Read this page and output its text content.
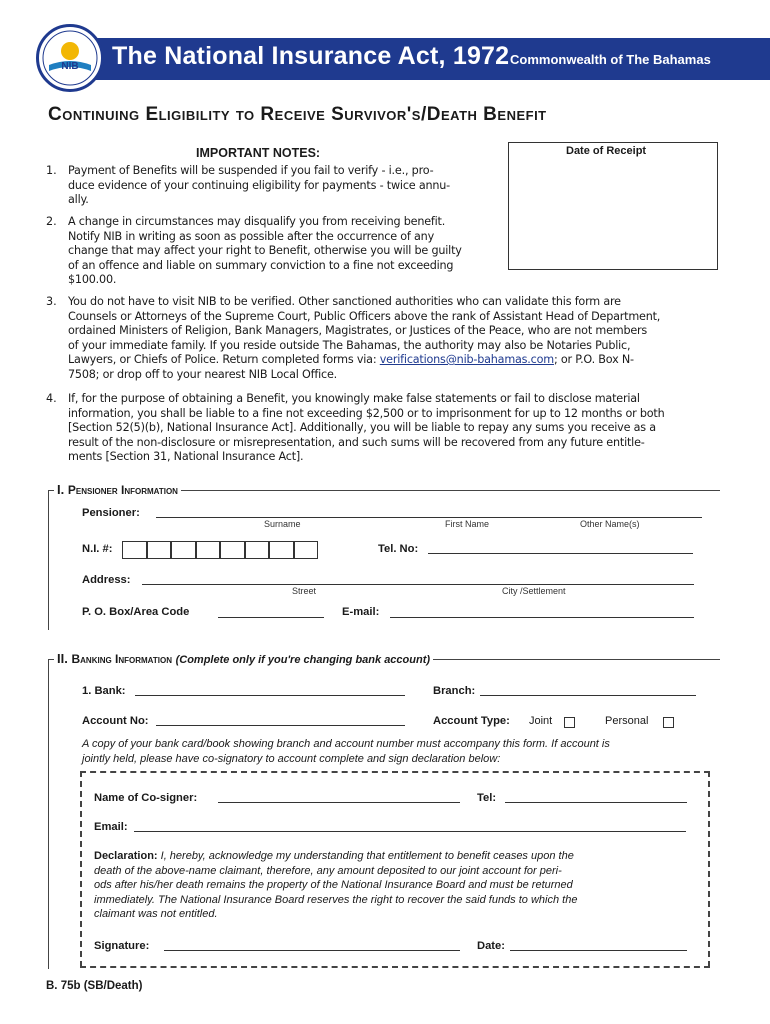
NIB The National Insurance Act, 1972 Commonwealth of The Bahamas
Continuing Eligibility to Receive Survivor's/Death Benefit
IMPORTANT NOTES:	Date of Receipt
1. Payment of Benefits will be suspended if you fail to verify - i.e., pro-
duce evidence of your continuing eligibility for payments - twice annu-
ally.
2. A change in circumstances may disqualify you from receiving benefit.
Notify NIB in writing as soon as possible after the occurrence of any
change that may affect your right to Benefit, otherwise you will be guilty
of an offence and liable on summary conviction to a fine not exceeding
$100.00.
3. You do not have to visit NIB to be verified. Other sanctioned authorities who can validate this form are
Counsels or Attorneys of the Supreme Court, Public Officers above the rank of Assistant Head of Department,
ordained Ministers of Religion, Bank Managers, Magistrates, or Justices of the Peace, who are not members
of your immediate family. If you reside outside The Bahamas, the authority may also be Notaries Public,
Lawyers, or Chiefs of Police. Return completed forms via: verifications@nib-bahamas.com; or P.O. Box N-
7508; or drop off to your nearest NIB Local Office.
4. If, for the purpose of obtaining a Benefit, you knowingly make false statements or fail to disclose material
information, you shall be liable to a fine not exceeding $2,500 or to imprisonment for up to 12 months or both
[Section 52(5)(b), National Insurance Act]. Additionally, you will be liable to repay any sums you receive as a
result of the non-disclosure or misrepresentation, and such sums will be recovered from any future entitle-
ments [Section 31, National Insurance Act].
I. Pensioner Information
Pensioner:
Surname	First Name	Other Name(s)
N.I. #:	Tel. No:
Address:
Street	City /Settlement
P. O. Box/Area Code	E-mail:
II. Banking Information (Complete only if you're changing bank account)
1. Bank:	Branch:
Account No:	Account Type: Joint	Personal
A copy of your bank card/book showing branch and account number must accompany this form. If account is
jointly held, please have co-signatory to account complete and sign declaration below:
Name of Co-signer:	Tel:
Email:
Declaration: I, hereby, acknowledge my understanding that entitlement to benefit ceases upon the
death of the above-name claimant, therefore, any amount deposited to our joint account for peri-
ods after his/her death remains the property of the National Insurance Board and must be returned
immediately. The National Insurance Board reserves the right to recover the said funds to which the
claimant was not entitled.
Signature:	Date:
B. 75b (SB/Death)
